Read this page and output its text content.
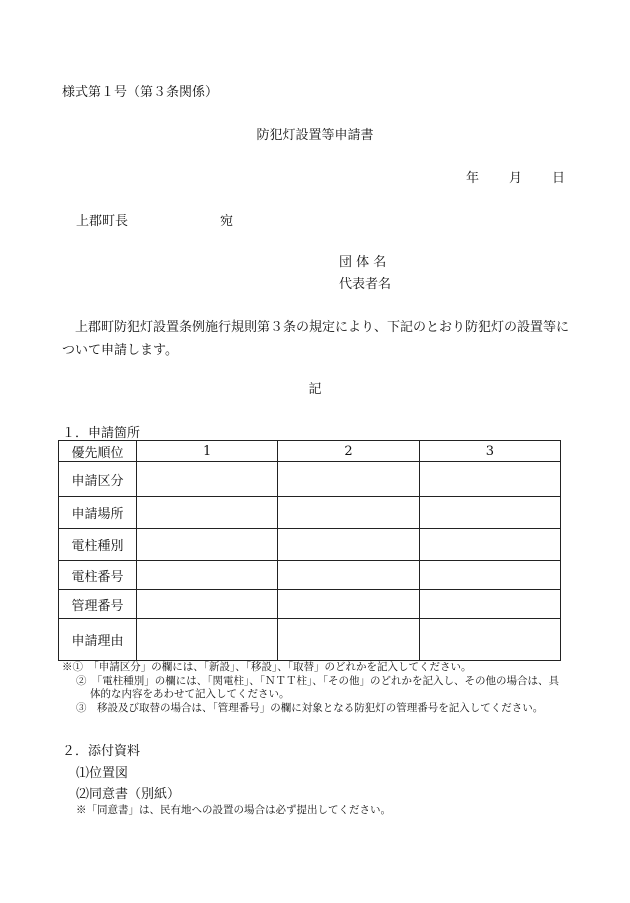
様式第１号（第３条関係）
防犯灯設置等申請書
年 月 日
上郡町長	宛
団 体 名
代表者名
上郡町防犯灯設置条例施行規則第３条の規定により、下記のとおり防犯灯の設置等について申請します。
記
１．申請箇所
優先順位	1	2	3
申請区分			
申請場所			
電柱種別			
電柱番号			
管理番号			
申請理由			
※①　「申請区分」の欄には、「新設」、「移設」、「取替」のどれかを記入してください。
②　「電柱種別」の欄には、「関電柱」、「ＮＴＴ柱」、「その他」のどれかを記入し、その他の場合は、具
体的な内容をあわせて記入してください。
③　移設及び取替の場合は、「管理番号」の欄に対象となる防犯灯の管理番号を記入してください。
２．添付資料
⑴位置図
⑵同意書（別紙）
※「同意書」は、民有地への設置の場合は必ず提出してください。
